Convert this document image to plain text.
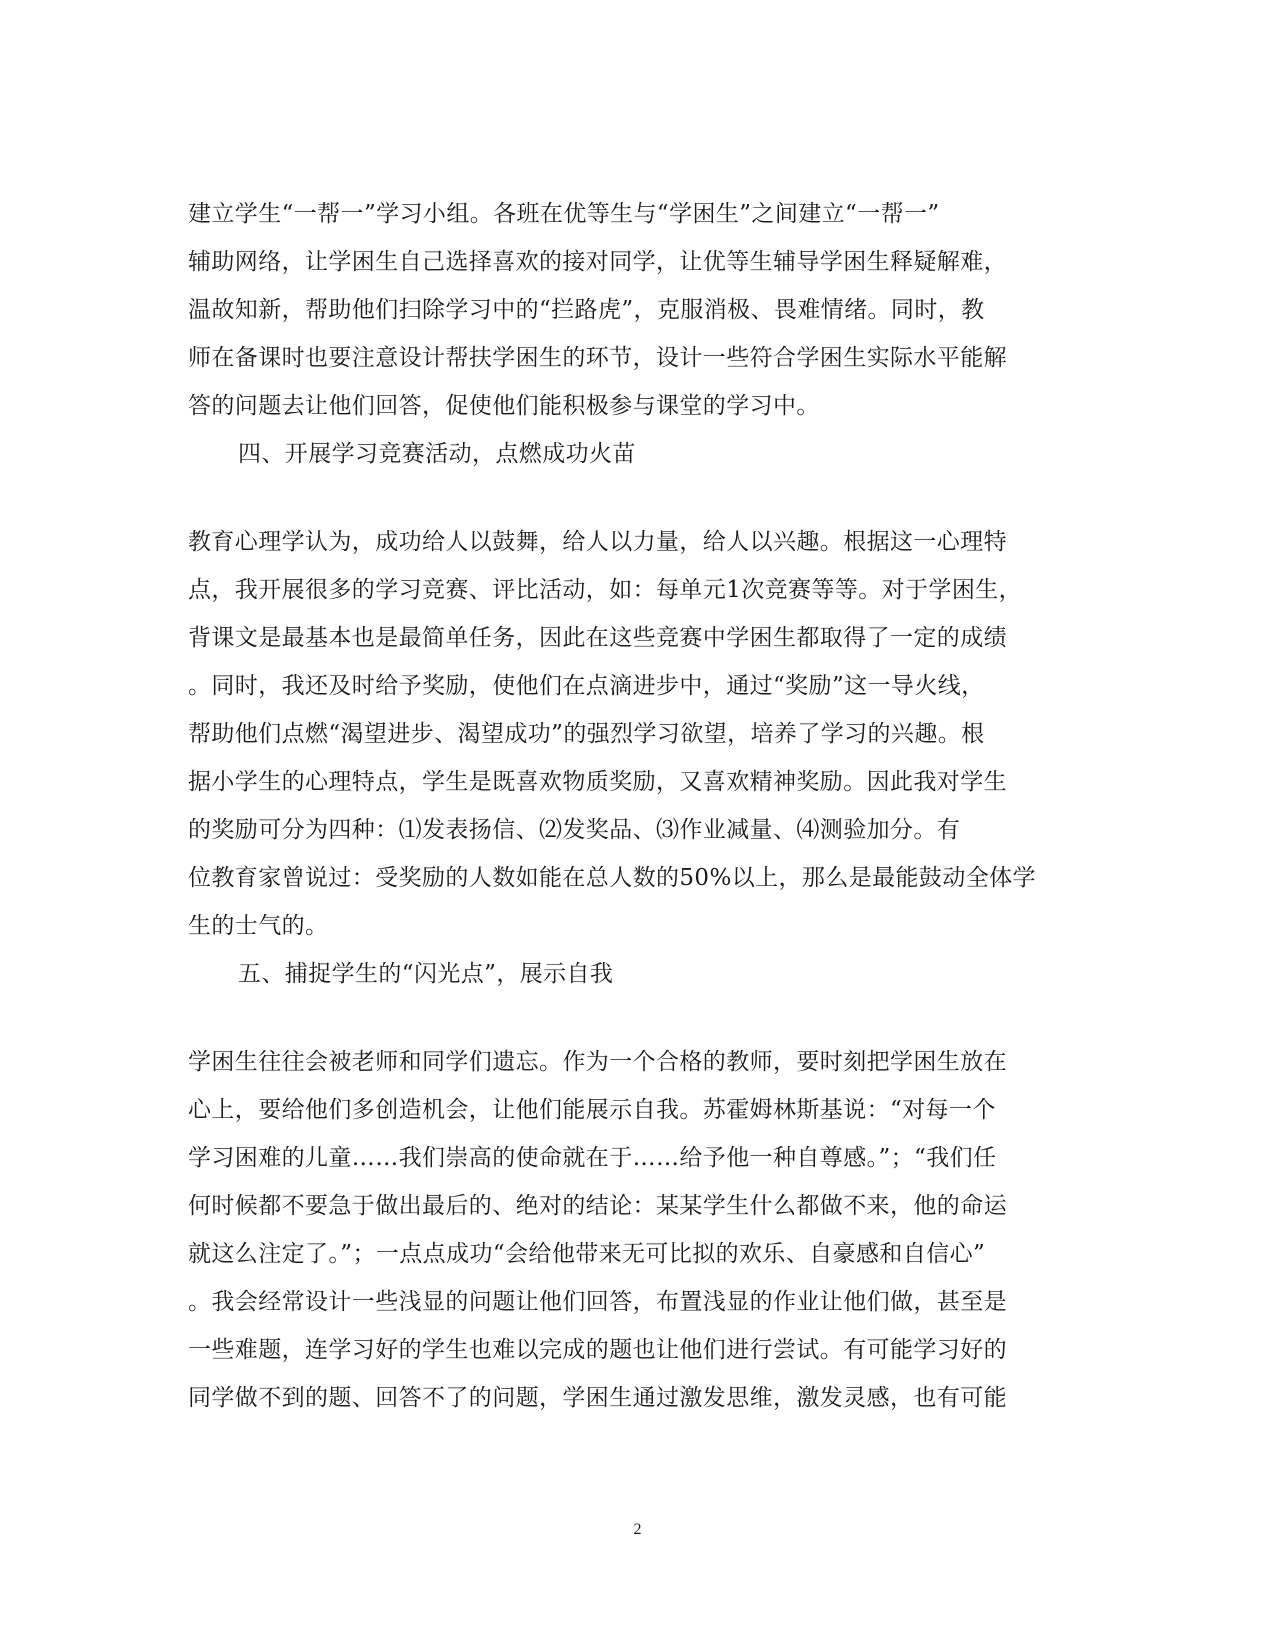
建立学生“一帮一”学习小组。各班在优等生与“学困生”之间建立“一帮一”
辅助网络，让学困生自己选择喜欢的接对同学，让优等生辅导学困生释疑解难，
温故知新，帮助他们扫除学习中的“拦路虎”，克服消极、畏难情绪。同时，教
师在备课时也要注意设计帮扶学困生的环节，设计一些符合学困生实际水平能解
答的问题去让他们回答，促使他们能积极参与课堂的学习中。
四、开展学习竞赛活动，点燃成功火苗
教育心理学认为，成功给人以鼓舞，给人以力量，给人以兴趣。根据这一心理特
点，我开展很多的学习竞赛、评比活动，如：每单元1次竞赛等等。对于学困生，
背课文是最基本也是最简单任务，因此在这些竞赛中学困生都取得了一定的成绩
。同时，我还及时给予奖励，使他们在点滴进步中，通过“奖励”这一导火线，
帮助他们点燃“渴望进步、渴望成功”的强烈学习欲望，培养了学习的兴趣。根
据小学生的心理特点，学生是既喜欢物质奖励，又喜欢精神奖励。因此我对学生
的奖励可分为四种：⑴发表扬信、⑵发奖品、⑶作业减量、⑷测验加分。有
位教育家曾说过：受奖励的人数如能在总人数的50%以上，那么是最能鼓动全体学
生的士气的。
五、捕捉学生的“闪光点”，展示自我
学困生往往会被老师和同学们遗忘。作为一个合格的教师，要时刻把学困生放在
心上，要给他们多创造机会，让他们能展示自我。苏霍姆林斯基说：“对每一个
学习困难的儿童……我们崇高的使命就在于……给予他一种自尊感。”；“我们任
何时候都不要急于做出最后的、绝对的结论：某某学生什么都做不来，他的命运
就这么注定了。”；一点点成功“会给他带来无可比拟的欢乐、自豪感和自信心”
。我会经常设计一些浅显的问题让他们回答，布置浅显的作业让他们做，甚至是
一些难题，连学习好的学生也难以完成的题也让他们进行尝试。有可能学习好的
同学做不到的题、回答不了的问题，学困生通过激发思维，激发灵感，也有可能
2
